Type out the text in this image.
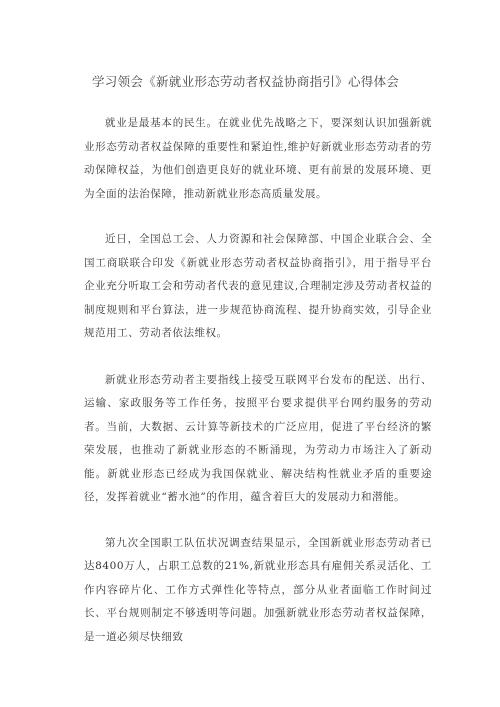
学习领会《新就业形态劳动者权益协商指引》心得体会

就业是最基本的民生。在就业优先战略之下，要深刻认识加强新就业形态劳动者权益保障的重要性和紧迫性,维护好新就业形态劳动者的劳动保障权益，为他们创造更良好的就业环境、更有前景的发展环境、更为全面的法治保障，推动新就业形态高质量发展。

近日，全国总工会、人力资源和社会保障部、中国企业联合会、全国工商联联合印发《新就业形态劳动者权益协商指引》，用于指导平台企业充分听取工会和劳动者代表的意见建议,合理制定涉及劳动者权益的制度规则和平台算法，进一步规范协商流程、提升协商实效，引导企业规范用工、劳动者依法维权。

新就业形态劳动者主要指线上接受互联网平台发布的配送、出行、运输、家政服务等工作任务，按照平台要求提供平台网约服务的劳动者。当前，大数据、云计算等新技术的广泛应用，促进了平台经济的繁荣发展，也推动了新就业形态的不断涌现，为劳动力市场注入了新动能。新就业形态已经成为我国保就业、解决结构性就业矛盾的重要途径，发挥着就业“蓄水池”的作用，蕴含着巨大的发展动力和潜能。

第九次全国职工队伍状况调查结果显示，全国新就业形态劳动者已达8400万人，占职工总数的21%,新就业形态具有雇佣关系灵活化、工作内容碎片化、工作方式弹性化等特点，部分从业者面临工作时间过长、平台规则制定不够透明等问题。加强新就业形态劳动者权益保障，是一道必须尽快细致
